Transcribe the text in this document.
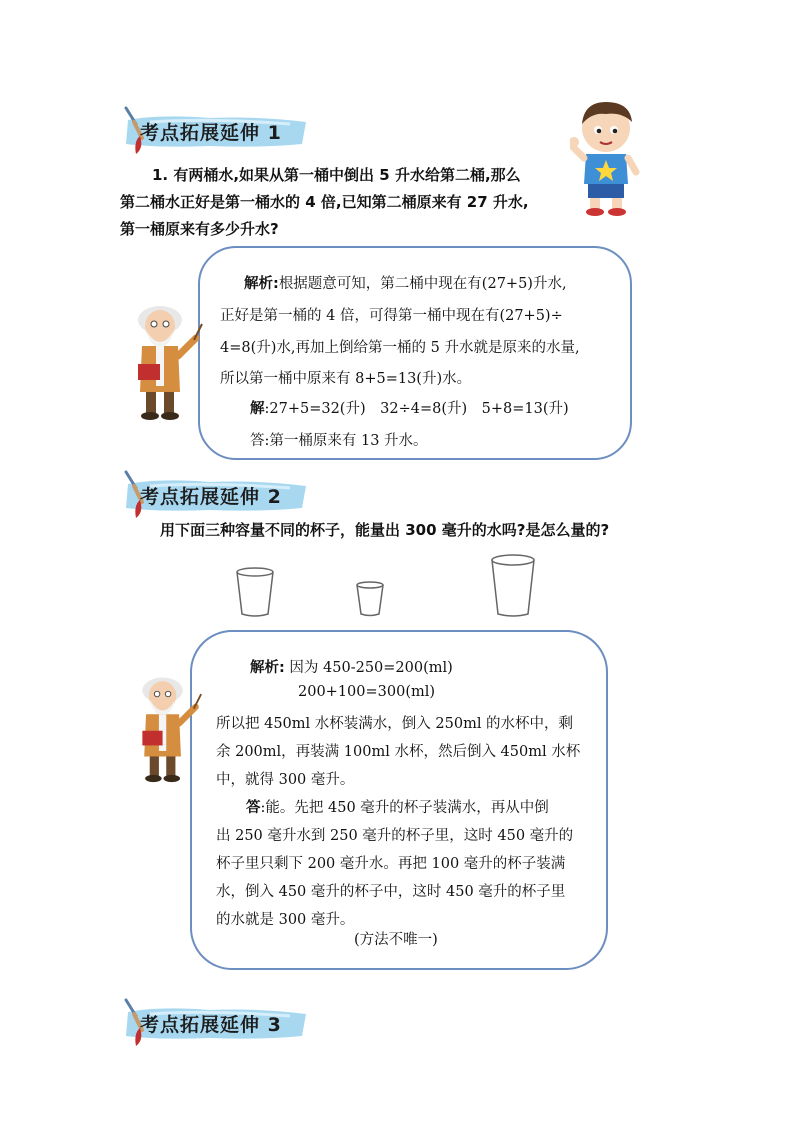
考点拓展延伸 1
1. 有两桶水,如果从第一桶中倒出 5 升水给第二桶,那么
第二桶水正好是第一桶水的 4 倍,已知第二桶原来有 27 升水,
第一桶原来有多少升水?
解析:根据题意可知，第二桶中现在有(27+5)升水,
正好是第一桶的 4 倍，可得第一桶中现在有(27+5)÷
4=8(升)水,再加上倒给第一桶的 5 升水就是原来的水量,
所以第一桶中原来有 8+5=13(升)水。
解:27+5=32(升)　32÷4=8(升)　5+8=13(升)
答:第一桶原来有 13 升水。
考点拓展延伸 2
用下面三种容量不同的杯子，能量出 300 毫升的水吗?是怎么量的?
解析: 因为 450-250=200(ml)
200+100=300(ml)
所以把 450ml 水杯装满水，倒入 250ml 的水杯中，剩
余 200ml，再装满 100ml 水杯，然后倒入 450ml 水杯
中，就得 300 毫升。
答:能。先把 450 毫升的杯子装满水，再从中倒
出 250 毫升水到 250 毫升的杯子里，这时 450 毫升的
杯子里只剩下 200 毫升水。再把 100 毫升的杯子装满
水，倒入 450 毫升的杯子中，这时 450 毫升的杯子里
的水就是 300 毫升。
(方法不唯一)
考点拓展延伸 3
